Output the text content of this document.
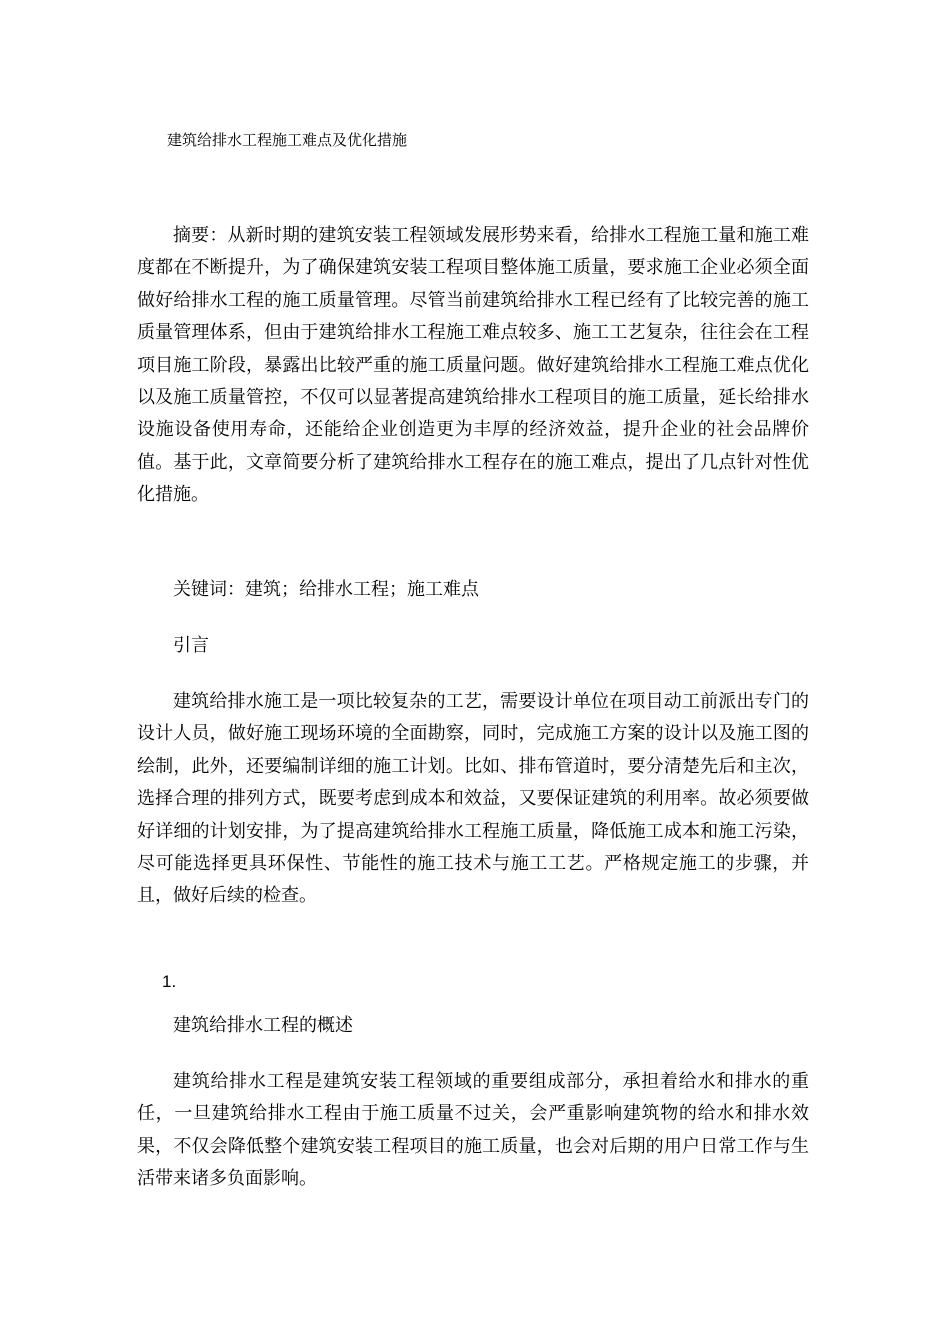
建筑给排水工程施工难点及优化措施

摘要：从新时期的建筑安装工程领域发展形势来看，给排水工程施工量和施工难度都在不断提升，为了确保建筑安装工程项目整体施工质量，要求施工企业必须全面做好给排水工程的施工质量管理。尽管当前建筑给排水工程已经有了比较完善的施工质量管理体系，但由于建筑给排水工程施工难点较多、施工工艺复杂，往往会在工程项目施工阶段，暴露出比较严重的施工质量问题。做好建筑给排水工程施工难点优化以及施工质量管控，不仅可以显著提高建筑给排水工程项目的施工质量，延长给排水设施设备使用寿命，还能给企业创造更为丰厚的经济效益，提升企业的社会品牌价值。基于此，文章简要分析了建筑给排水工程存在的施工难点，提出了几点针对性优化措施。

关键词：建筑；给排水工程；施工难点

引言

建筑给排水施工是一项比较复杂的工艺，需要设计单位在项目动工前派出专门的设计人员，做好施工现场环境的全面勘察，同时，完成施工方案的设计以及施工图的绘制，此外，还要编制详细的施工计划。比如、排布管道时，要分清楚先后和主次，选择合理的排列方式，既要考虑到成本和效益，又要保证建筑的利用率。故必须要做好详细的计划安排，为了提高建筑给排水工程施工质量，降低施工成本和施工污染，尽可能选择更具环保性、节能性的施工技术与施工工艺。严格规定施工的步骤，并且，做好后续的检查。

1.

建筑给排水工程的概述

建筑给排水工程是建筑安装工程领域的重要组成部分，承担着给水和排水的重任，一旦建筑给排水工程由于施工质量不过关，会严重影响建筑物的给水和排水效果，不仅会降低整个建筑安装工程项目的施工质量，也会对后期的用户日常工作与生活带来诸多负面影响。
